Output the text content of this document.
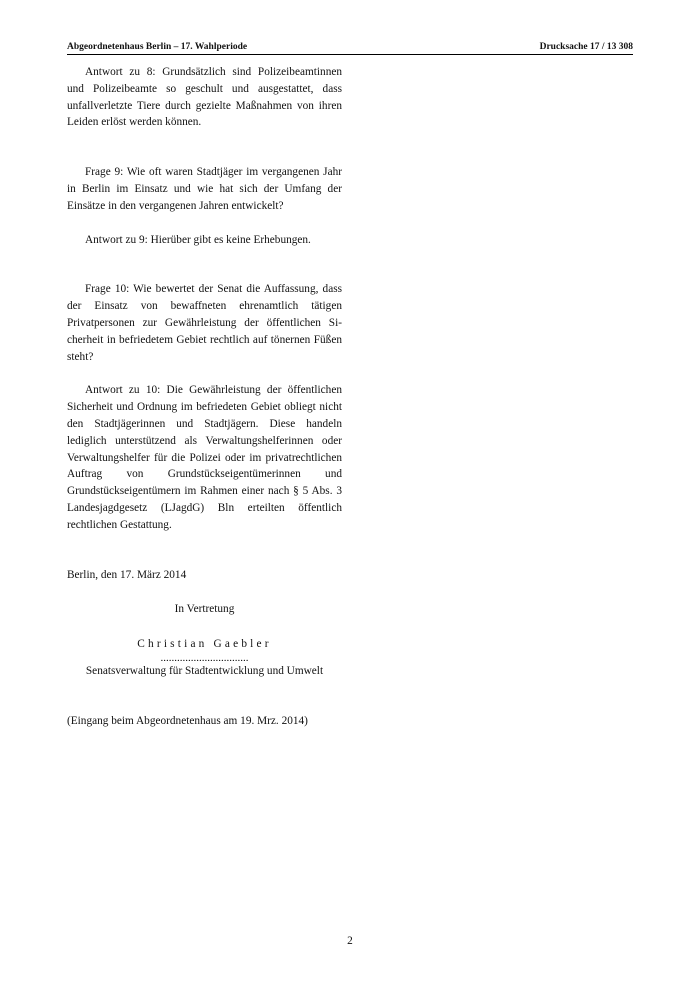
Abgeordnetenhaus Berlin – 17. Wahlperiode	Drucksache 17 / 13 308

Antwort zu 8: Grundsätzlich sind Polizeibeamtinnen und Polizeibeamte so geschult und ausgestattet, dass unfallverletzte Tiere durch gezielte Maßnahmen von ihren Leiden erlöst werden können.

Frage 9: Wie oft waren Stadtjäger im vergangenen Jahr in Berlin im Einsatz und wie hat sich der Umfang der Einsätze in den vergangenen Jahren entwickelt?

Antwort zu 9: Hierüber gibt es keine Erhebungen.

Frage 10: Wie bewertet der Senat die Auffassung, dass der Einsatz von bewaffneten ehrenamtlich tätigen Privatpersonen zur Gewährleistung der öffentlichen Sicherheit in befriedetem Gebiet rechtlich auf tönernen Füßen steht?

Antwort zu 10: Die Gewährleistung der öffentlichen Sicherheit und Ordnung im befriedeten Gebiet obliegt nicht den Stadtjägerinnen und Stadtjägern. Diese handeln lediglich unterstützend als Verwaltungshelferinnen oder Verwaltungshelfer für die Polizei oder im privatrechtlichen Auftrag von Grundstückseigentümerinnen und Grundstückseigentümern im Rahmen einer nach § 5 Abs. 3 Landesjagdgesetz (LJagdG) Bln erteilten öffentlich rechtlichen Gestattung.

Berlin, den 17. März 2014

In Vertretung

Christian Gaebler

................................

Senatsverwaltung für Stadtentwicklung und Umwelt

(Eingang beim Abgeordnetenhaus am 19. Mrz. 2014)

2
